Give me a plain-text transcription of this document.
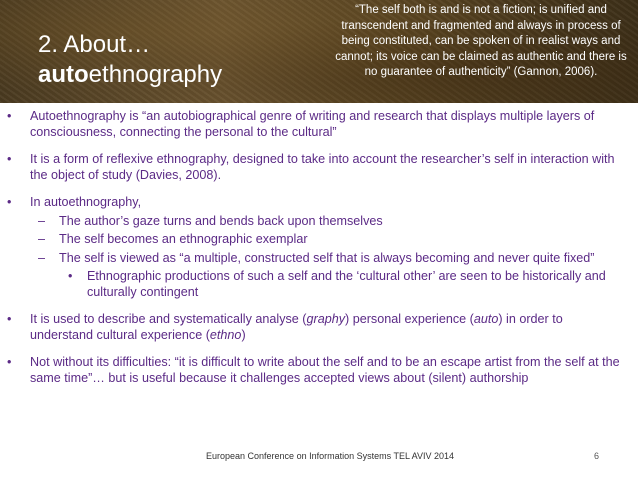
2. About…
autoethnography
“The self both is and is not a fiction; is unified and transcendent and fragmented and always in process of being constituted, can be spoken of in realist ways and cannot; its voice can be claimed as authentic and there is no guarantee of authenticity” (Gannon, 2006).
• Autoethnography is “an autobiographical genre of writing and research that displays multiple layers of consciousness, connecting the personal to the cultural”
• It is a form of reflexive ethnography, designed to take into account the researcher’s self in interaction with the object of study (Davies, 2008).
• In autoethnography,
– The author’s gaze turns and bends back upon themselves
– The self becomes an ethnographic exemplar
– The self is viewed as “a multiple, constructed self that is always becoming and never quite fixed”
• Ethnographic productions of such a self and the ‘cultural other’ are seen to be historically and culturally contingent
• It is used to describe and systematically analyse (graphy) personal experience (auto) in order to understand cultural experience (ethno)
• Not without its difficulties: “it is difficult to write about the self and to be an escape artist from the self at the same time”… but is useful because it challenges accepted views about (silent) authorship
European Conference on Information Systems TEL AVIV 2014	6
